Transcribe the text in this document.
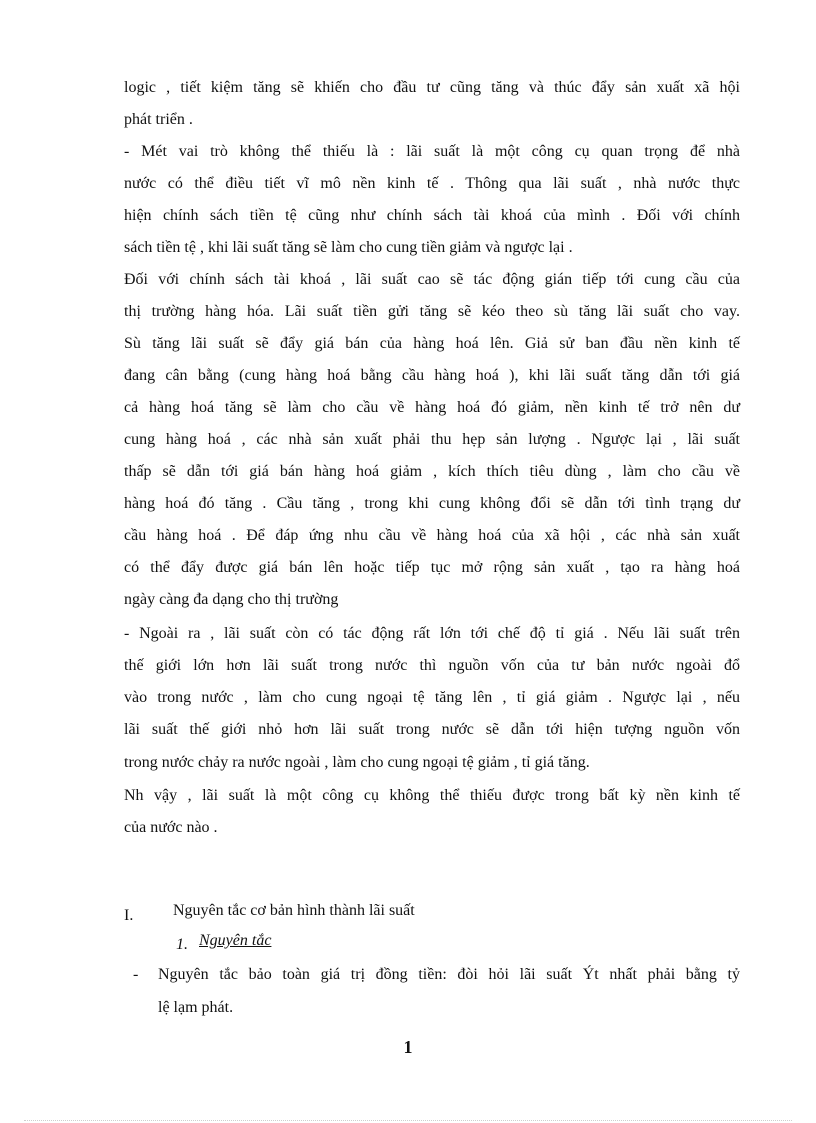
logic , tiết kiệm tăng sẽ khiến cho đầu tư cũng tăng và thúc đẩy sản xuất xã hội
phát triển .
- Mét vai trò không thể thiếu là : lãi suất là một công cụ quan trọng để nhà
nước có thể điều tiết vĩ mô nền kinh tế . Thông qua lãi suất , nhà nước thực
hiện chính sách tiền tệ cũng như chính sách tài khoá của mình . Đối với chính
sách tiền tệ , khi lãi suất tăng sẽ làm cho cung tiền giảm và ngược lại .
Đối với chính sách tài khoá , lãi suất cao sẽ tác động gián tiếp tới cung cầu của
thị trường hàng hóa. Lãi suất tiền gửi tăng sẽ kéo theo sù tăng lãi suất cho vay.
Sù tăng lãi suất sẽ đẩy giá bán của hàng hoá lên. Giả sử ban đầu nền kinh tế
đang cân bằng (cung hàng hoá bằng cầu hàng hoá ), khi lãi suất tăng dẫn tới giá
cả hàng hoá tăng sẽ làm cho cầu về hàng hoá đó giảm, nền kinh tế trở nên dư
cung hàng hoá , các nhà sản xuất phải thu hẹp sản lượng . Ngược lại , lãi suất
thấp sẽ dẫn tới giá bán hàng hoá giảm , kích thích tiêu dùng , làm cho cầu về
hàng hoá đó tăng . Cầu tăng , trong khi cung không đổi sẽ dẫn tới tình trạng dư
cầu hàng hoá . Để đáp ứng nhu cầu về hàng hoá của xã hội , các nhà sản xuất
có thể đẩy được giá bán lên hoặc tiếp tục mở rộng sản xuất , tạo ra hàng hoá
ngày càng đa dạng cho thị trường
- Ngoài ra , lãi suất còn có tác động rất lớn tới chế độ tỉ giá . Nếu lãi suất trên
thế giới lớn hơn lãi suất trong nước thì nguồn vốn của tư bản nước ngoài đổ
vào trong nước , làm cho cung ngoại tệ tăng lên , tỉ giá giảm . Ngược lại , nếu
lãi suất thế giới nhỏ hơn lãi suất trong nước sẽ dẫn tới hiện tượng nguồn vốn
trong nước chảy ra nước ngoài , làm cho cung ngoại tệ giảm , tỉ giá tăng.
Nh vậy , lãi suất là một công cụ không thể thiếu được trong bất kỳ nền kinh tế
của nước nào .
I. Nguyên tắc cơ bản hình thành lãi suất
1. Nguyên tắc
- Nguyên tắc bảo toàn giá trị đồng tiền: đòi hỏi lãi suất Ýt nhất phải bằng tỷ
lệ lạm phát.
1
